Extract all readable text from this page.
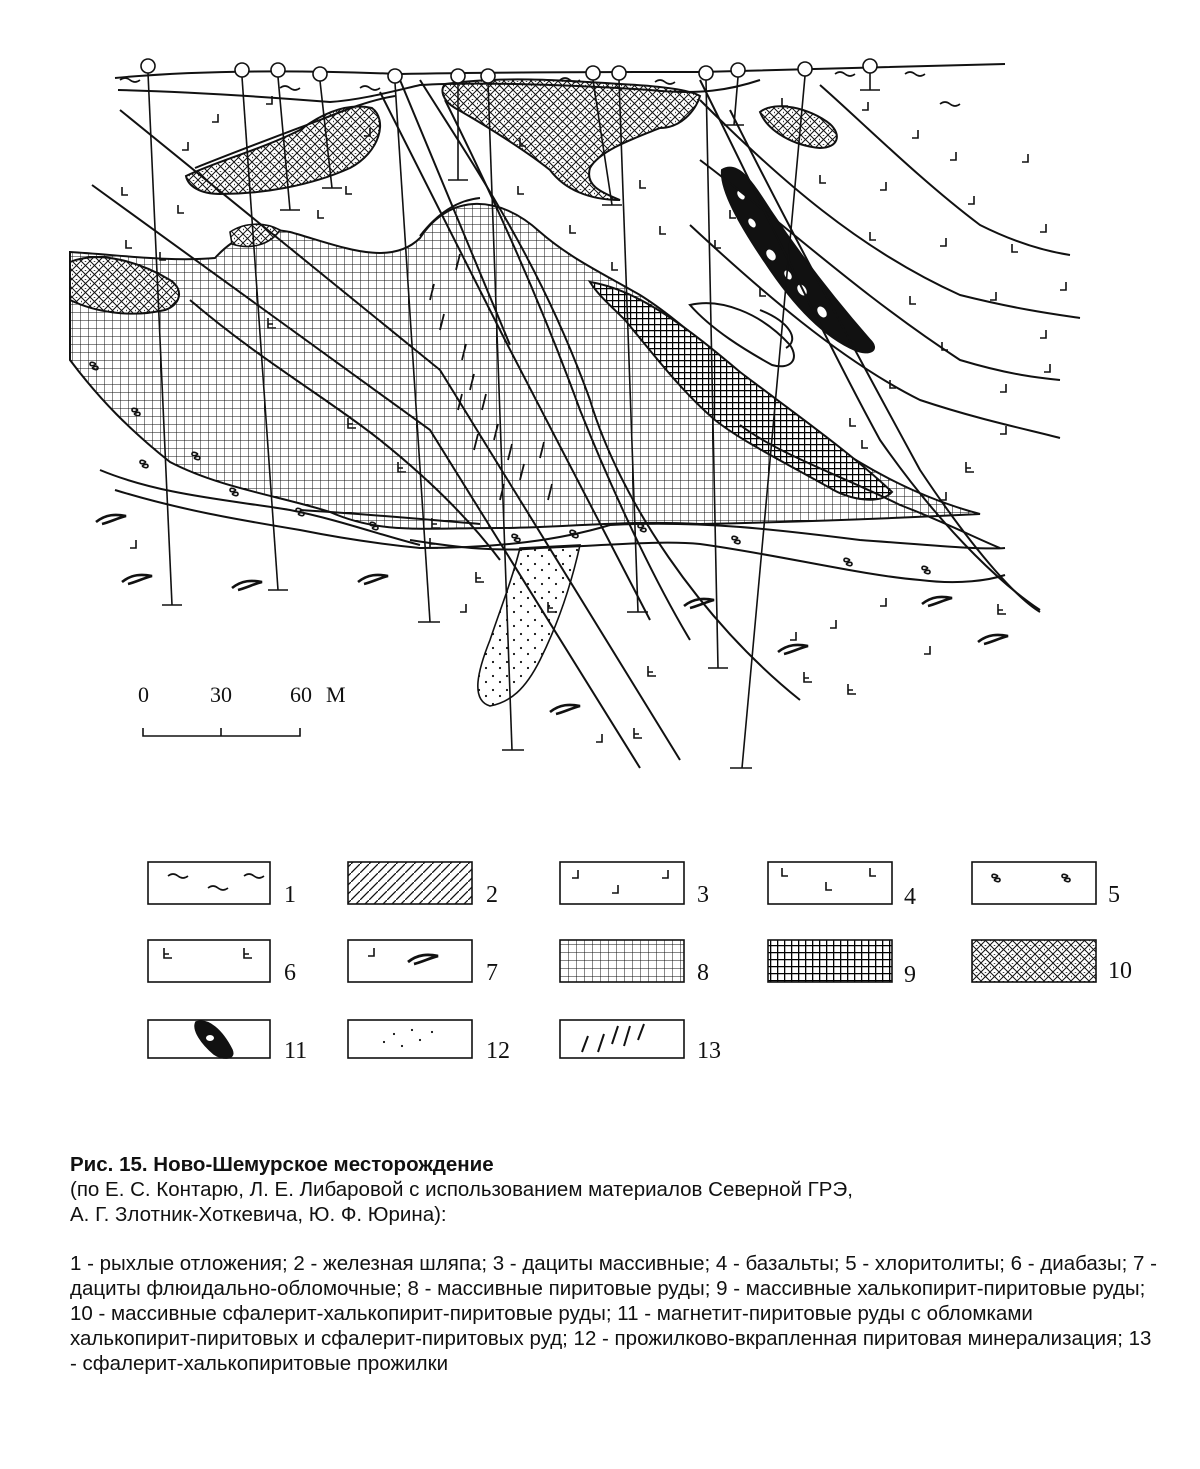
0	30	60 М
1	2	3	4	5
6	7	8	9	10
11	12	13

Рис. 15. Ново-Шемурское месторождение

(по Е. С. Контарю, Л. Е. Либаровой с использованием материалов Северной ГРЭ,
А. Г. Злотник-Хоткевича, Ю. Ф. Юрина):

1 - рыхлые отложения; 2 - железная шляпа; 3 - дациты массивные; 4 - базальты; 5 - хлоритолиты; 6 - диабазы; 7 - дациты флюидально-обломочные; 8 - массивные пиритовые руды; 9 - массивные халькопирит-пиритовые руды; 10 - массивные сфалерит-халькопирит-пиритовые руды; 11 - магнетит-пиритовые руды с обломками халькопирит-пиритовых и сфалерит-пиритовых руд; 12 - прожилково-вкрапленная пиритовая минерализация; 13 - сфалерит-халькопиритовые прожилки
